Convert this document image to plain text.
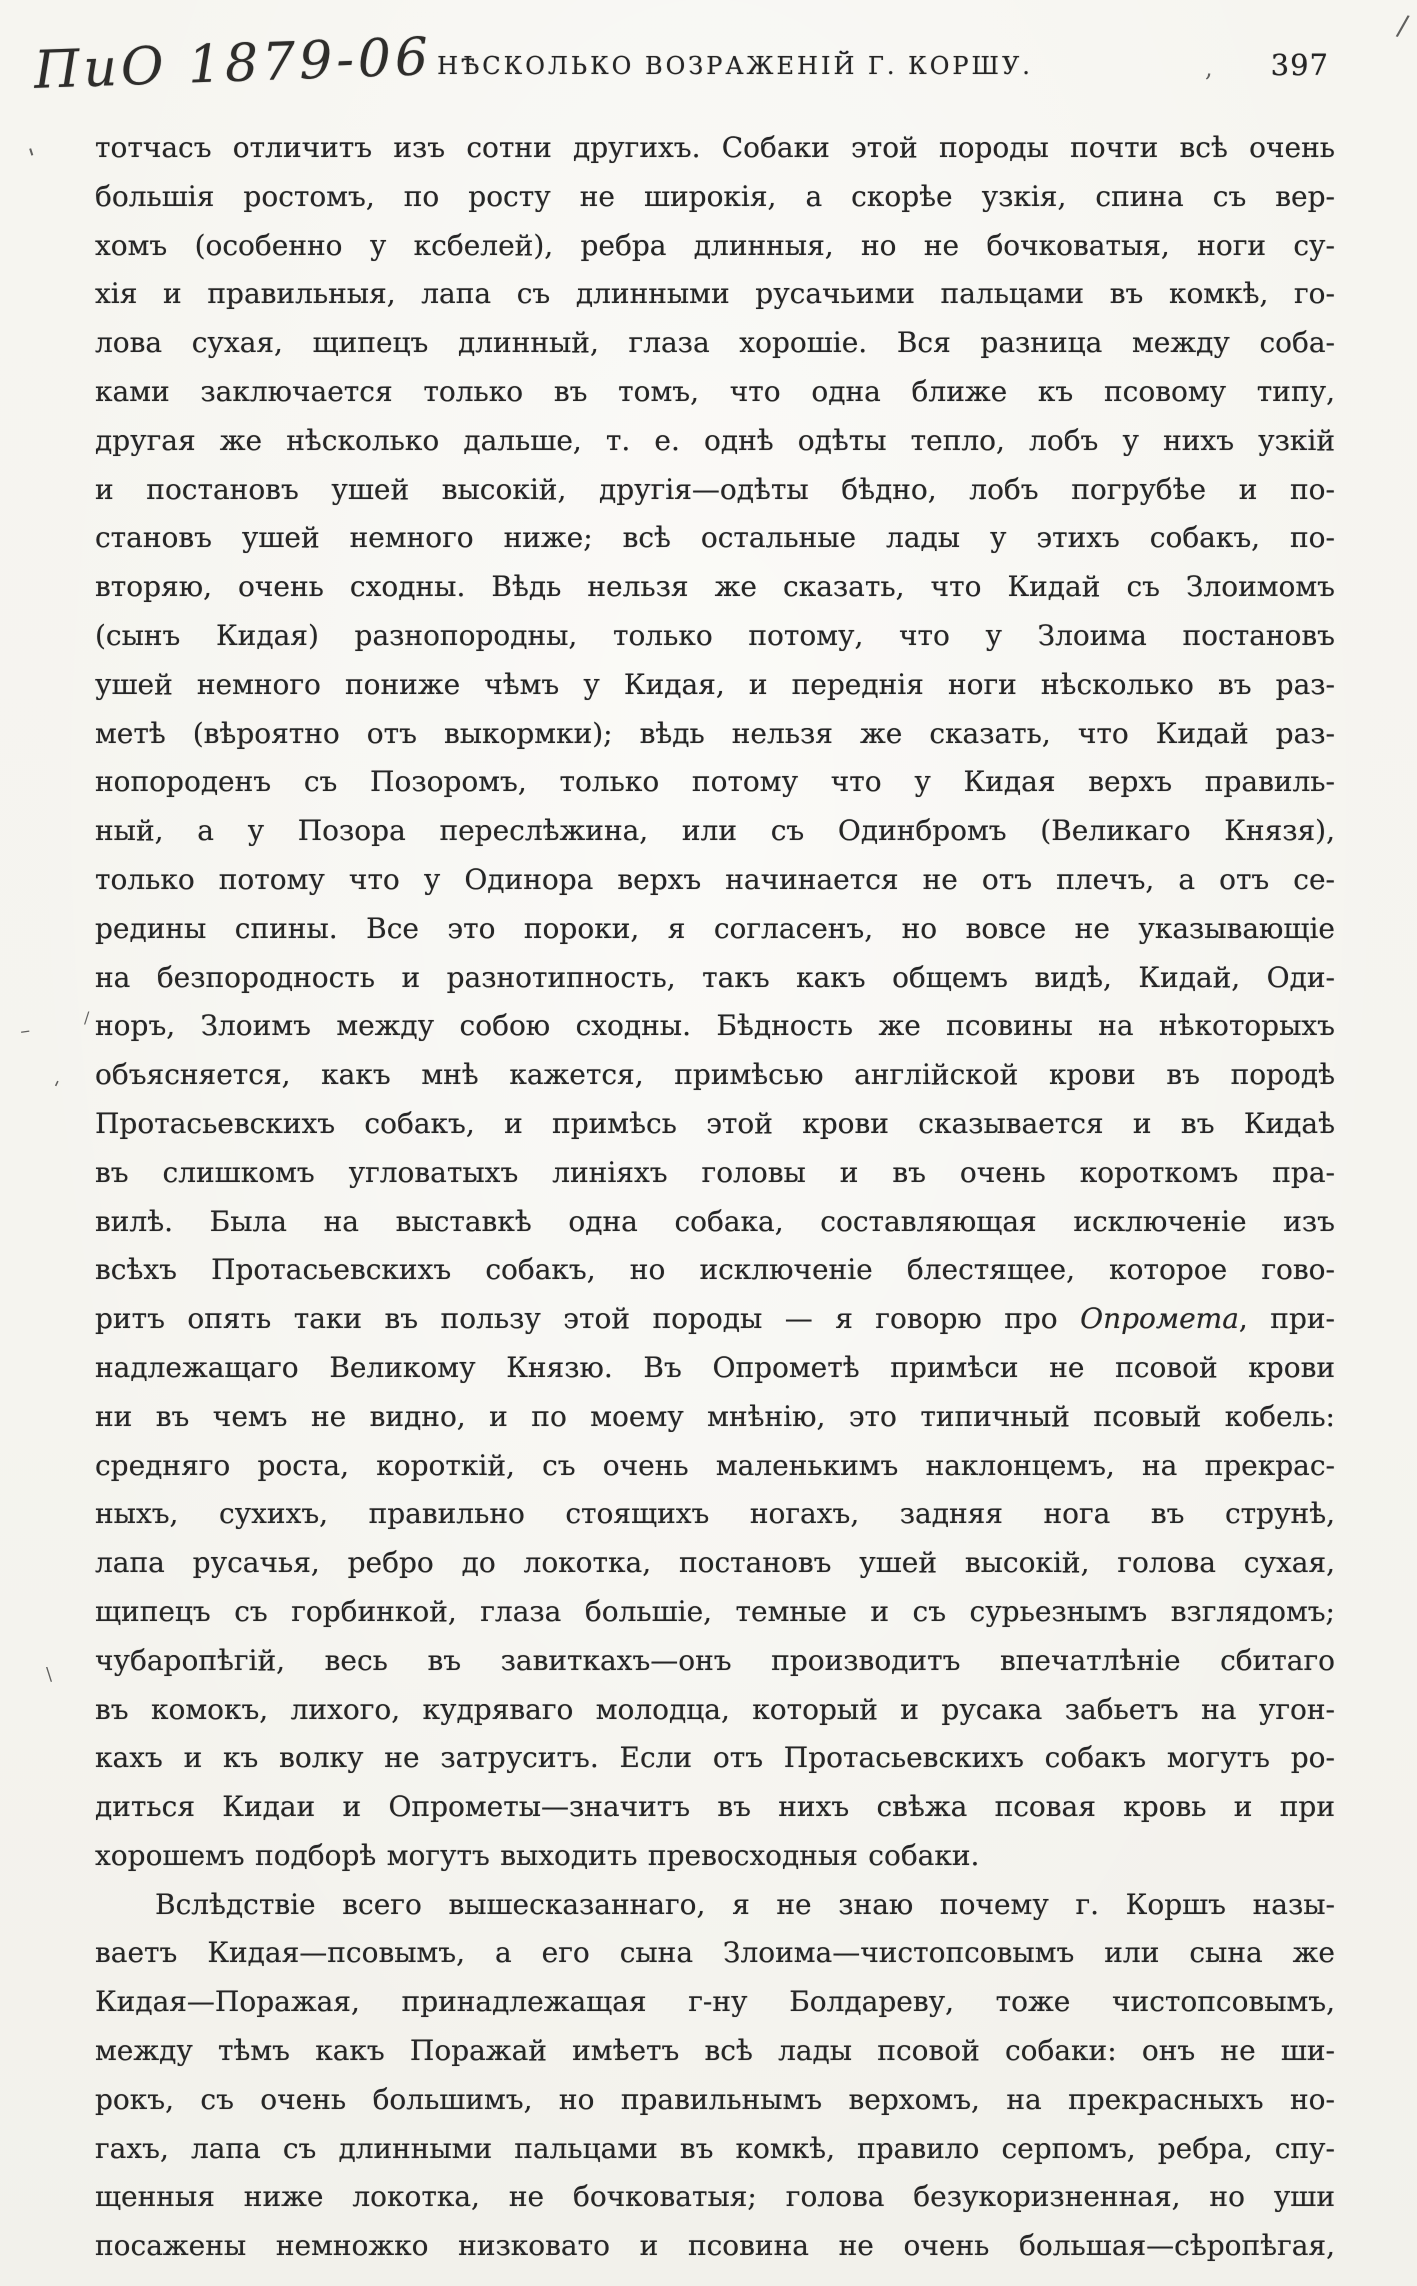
ПиО 1879-06 НѢСКОЛЬКО ВОЗРАЖЕНІЙ Г. КОРШУ.	397
тотчасъ отличитъ изъ сотни другихъ. Собаки этой породы почти всѣ очень
большія ростомъ, по росту не широкія, а скорѣе узкія, спина съ вер-
хомъ (особенно у ксбелей), ребра длинныя, но не бочковатыя, ноги су-
хія и правильныя, лапа съ длинными русачьими пальцами въ комкѣ, го-
лова сухая, щипецъ длинный, глаза хорошіе. Вся разница между соба-
ками заключается только въ томъ, что одна ближе къ псовому типу,
другая же нѣсколько дальше, т. е. однѣ одѣты тепло, лобъ у нихъ узкій
и постановъ ушей высокій, другія—одѣты бѣдно, лобъ погрубѣе и по-
становъ ушей немного ниже; всѣ остальные лады у этихъ собакъ, по-
вторяю, очень сходны. Вѣдь нельзя же сказать, что Кидай съ Злоимомъ
(сынъ Кидая) разнопородны, только потому, что у Злоима постановъ
ушей немного пониже чѣмъ у Кидая, и переднія ноги нѣсколько въ раз-
метѣ (вѣроятно отъ выкормки); вѣдь нельзя же сказать, что Кидай раз-
нопороденъ съ Позоромъ, только потому что у Кидая верхъ правиль-
ный, а у Позора переслѣжина, или съ Одинбромъ (Великаго Князя),
только потому что у Одинора верхъ начинается не отъ плечъ, а отъ се-
редины спины. Все это пороки, я согласенъ, но вовсе не указывающіе
на безпородность и разнотипность, такъ какъ общемъ видѣ, Кидай, Оди-
норъ, Злоимъ между собою сходны. Бѣдность же псовины на нѣкоторыхъ
объясняется, какъ мнѣ кажется, примѣсью англійской крови въ породѣ
Протасьевскихъ собакъ, и примѣсь этой крови сказывается и въ Кидаѣ
въ слишкомъ угловатыхъ линіяхъ головы и въ очень короткомъ пра-
вилѣ. Была на выставкѣ одна собака, составляющая исключеніе изъ
всѣхъ Протасьевскихъ собакъ, но исключеніе блестящее, которое гово-
ритъ опять таки въ пользу этой породы — я говорю про Опромета, при-
надлежащаго Великому Князю. Въ Опрометѣ примѣси не псовой крови
ни въ чемъ не видно, и по моему мнѣнію, это типичный псовый кобель:
средняго роста, короткій, съ очень маленькимъ наклонцемъ, на прекрас-
ныхъ, сухихъ, правильно стоящихъ ногахъ, задняя нога въ струнѣ,
лапа русачья, ребро до локотка, постановъ ушей высокій, голова сухая,
щипецъ съ горбинкой, глаза большіе, темные и съ сурьезнымъ взглядомъ;
чубаропѣгій, весь въ завиткахъ—онъ производитъ впечатлѣніе сбитаго
въ комокъ, лихого, кудряваго молодца, который и русака забьетъ на угон-
кахъ и къ волку не затруситъ. Если отъ Протасьевскихъ собакъ могутъ ро-
диться Кидаи и Опрометы—значитъ въ нихъ свѣжа псовая кровь и при
хорошемъ подборѣ могутъ выходить превосходныя собаки.
Вслѣдствіе всего вышесказаннаго, я не знаю почему г. Коршъ назы-
ваетъ Кидая—псовымъ, а его сына Злоима—чистопсовымъ или сына же
Кидая—Поражая, принадлежащая г-ну Болдареву, тоже чистопсовымъ,
между тѣмъ какъ Поражай имѣетъ всѣ лады псовой собаки: онъ не ши-
рокъ, съ очень большимъ, но правильнымъ верхомъ, на прекрасныхъ но-
гахъ, лапа съ длинными пальцами въ комкѣ, правило серпомъ, ребра, спу-
щенныя ниже локотка, не бочковатыя; голова безукоризненная, но уши
посажены немножко низковато и псовина не очень большая—сѣропѣгая,
/
,
'
–	/
'
\
